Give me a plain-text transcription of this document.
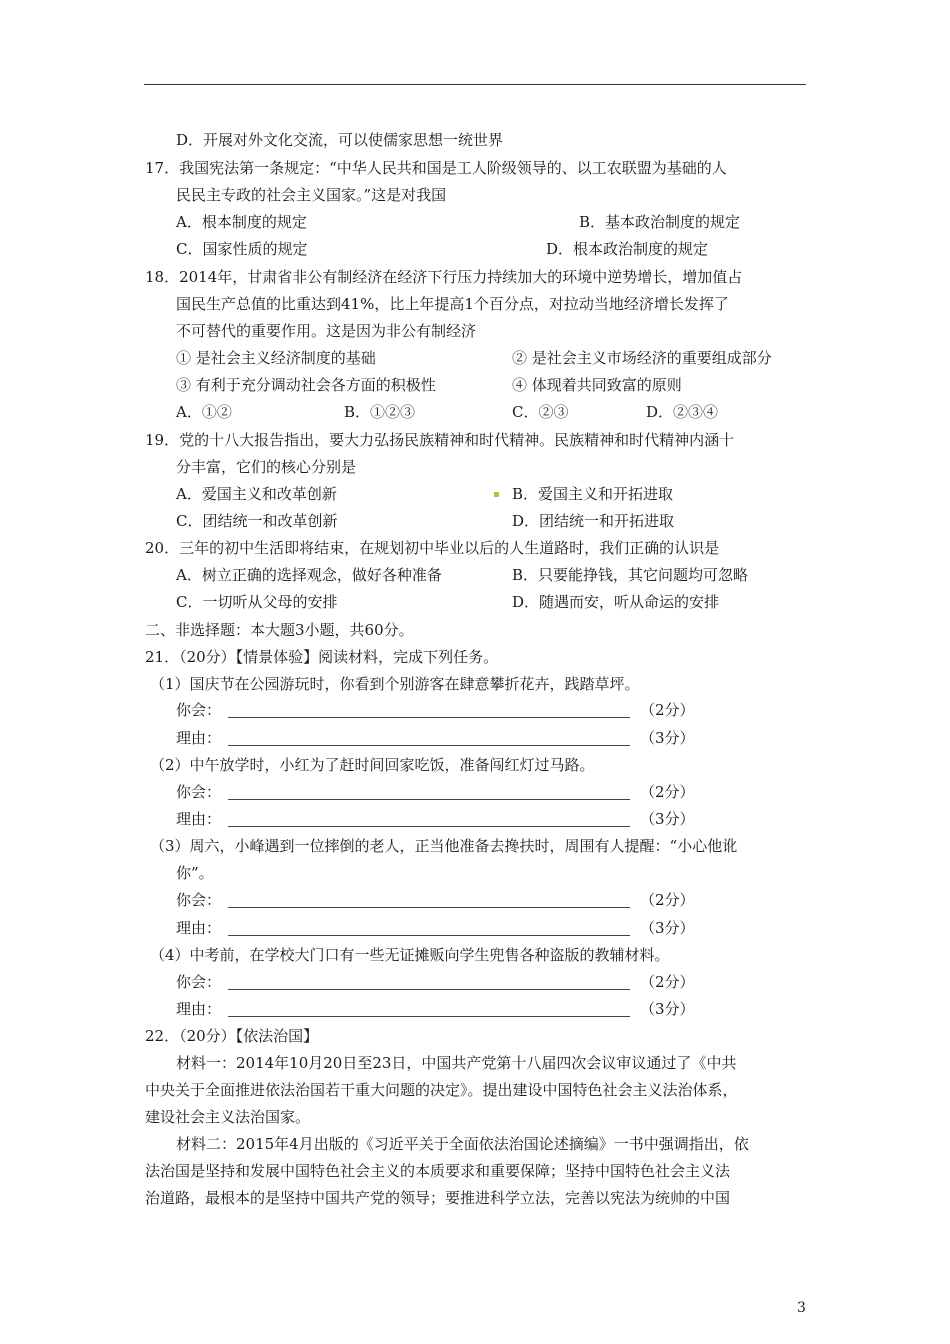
D．开展对外文化交流，可以使儒家思想一统世界
17．我国宪法第一条规定：“中华人民共和国是工人阶级领导的、以工农联盟为基础的人
民民主专政的社会主义国家。”这是对我国
A．根本制度的规定	B．基本政治制度的规定
C．国家性质的规定	D．根本政治制度的规定
18．2014年，甘肃省非公有制经济在经济下行压力持续加大的环境中逆势增长，增加值占
国民生产总值的比重达到41%，比上年提高1个百分点，对拉动当地经济增长发挥了
不可替代的重要作用。这是因为非公有制经济
① 是社会主义经济制度的基础	② 是社会主义市场经济的重要组成部分
③ 有利于充分调动社会各方面的积极性	④ 体现着共同致富的原则
A．①②	B．①②③	C．②③	D．②③④
19．党的十八大报告指出，要大力弘扬民族精神和时代精神。民族精神和时代精神内涵十
分丰富，它们的核心分别是
A．爱国主义和改革创新	B．爱国主义和开拓进取
C．团结统一和改革创新	D．团结统一和开拓进取
20．三年的初中生活即将结束，在规划初中毕业以后的人生道路时，我们正确的认识是
A．树立正确的选择观念，做好各种准备	B．只要能挣钱，其它问题均可忽略
C．一切听从父母的安排	D．随遇而安，听从命运的安排
二、非选择题：本大题3小题，共60分。
21．（20分）【情景体验】阅读材料，完成下列任务。
（1）国庆节在公园游玩时，你看到个别游客在肆意攀折花卉，践踏草坪。
你会：	（2分）
理由：	（3分）
（2）中午放学时，小红为了赶时间回家吃饭，准备闯红灯过马路。
你会：	（2分）
理由：	（3分）
（3）周六，小峰遇到一位摔倒的老人，正当他准备去搀扶时，周围有人提醒：“小心他讹
你”。
你会：	（2分）
理由：	（3分）
（4）中考前，在学校大门口有一些无证摊贩向学生兜售各种盗版的教辅材料。
你会：	（2分）
理由：	（3分）
22．（20分）【依法治国】
材料一：2014年10月20日至23日，中国共产党第十八届四次会议审议通过了《中共
中央关于全面推进依法治国若干重大问题的决定》。提出建设中国特色社会主义法治体系，
建设社会主义法治国家。
材料二：2015年4月出版的《习近平关于全面依法治国论述摘编》一书中强调指出，依
法治国是坚持和发展中国特色社会主义的本质要求和重要保障；坚持中国特色社会主义法
治道路，最根本的是坚持中国共产党的领导；要推进科学立法，完善以宪法为统帅的中国
3
